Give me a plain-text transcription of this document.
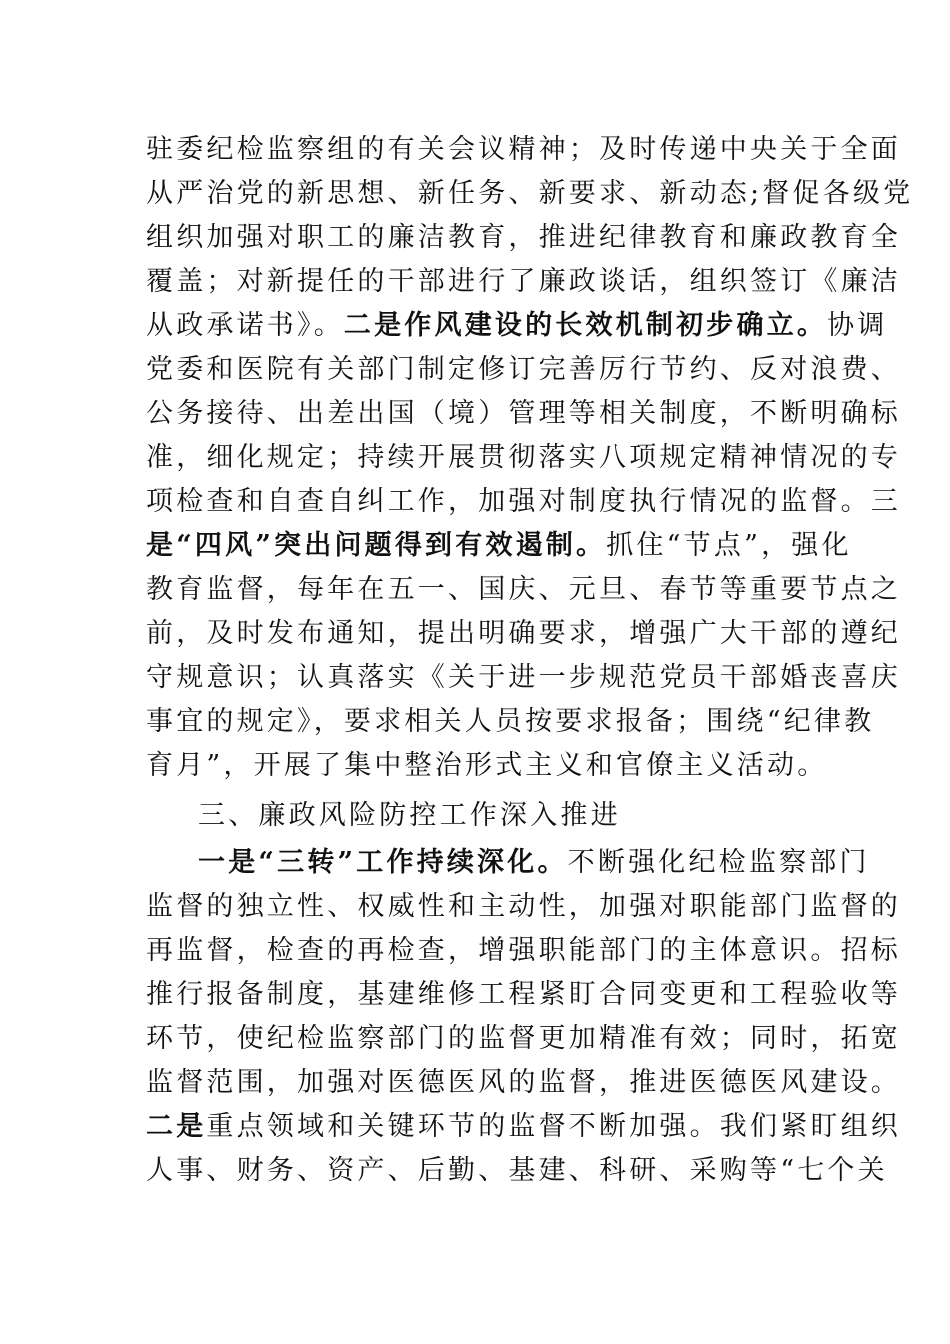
驻委纪检监察组的有关会议精神；及时传递中央关于全面
从严治党的新思想、新任务、新要求、新动态;督促各级党
组织加强对职工的廉洁教育，推进纪律教育和廉政教育全
覆盖；对新提任的干部进行了廉政谈话，组织签订《廉洁
从政承诺书》。二是作风建设的长效机制初步确立。协调
党委和医院有关部门制定修订完善厉行节约、反对浪费、
公务接待、出差出国（境）管理等相关制度，不断明确标
准，细化规定；持续开展贯彻落实八项规定精神情况的专
项检查和自查自纠工作，加强对制度执行情况的监督。三
是“四风”突出问题得到有效遏制。抓住“节点”，强化
教育监督，每年在五一、国庆、元旦、春节等重要节点之
前，及时发布通知，提出明确要求，增强广大干部的遵纪
守规意识；认真落实《关于进一步规范党员干部婚丧喜庆
事宜的规定》，要求相关人员按要求报备；围绕“纪律教
育月”，开展了集中整治形式主义和官僚主义活动。
三、廉政风险防控工作深入推进
一是“三转”工作持续深化。不断强化纪检监察部门
监督的独立性、权威性和主动性，加强对职能部门监督的
再监督，检查的再检查，增强职能部门的主体意识。招标
推行报备制度，基建维修工程紧盯合同变更和工程验收等
环节，使纪检监察部门的监督更加精准有效；同时，拓宽
监督范围，加强对医德医风的监督，推进医德医风建设。
二是重点领域和关键环节的监督不断加强。我们紧盯组织
人事、财务、资产、后勤、基建、科研、采购等“七个关
